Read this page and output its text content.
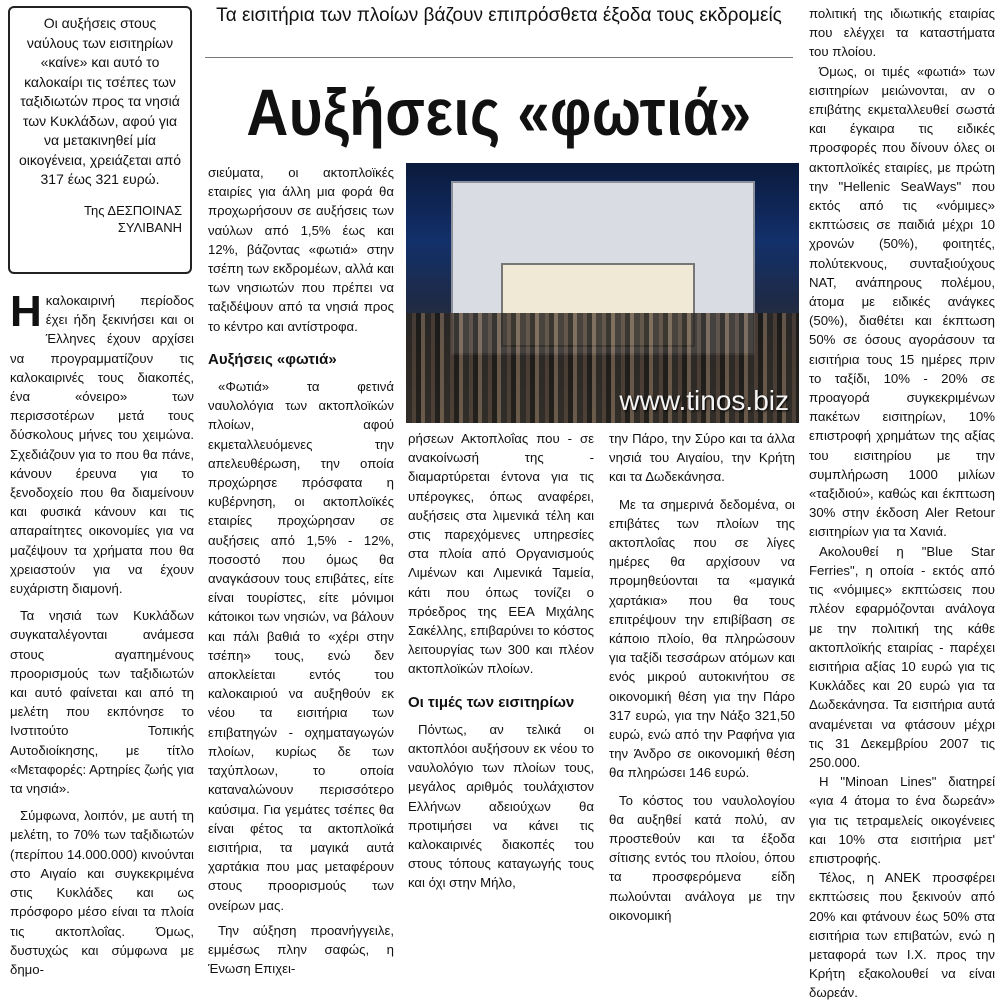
Οι αυξήσεις στους ναύλους των εισιτηρίων «καίνε» και αυτό το καλοκαίρι τις τσέπες των ταξιδιωτών προς τα νησιά των Κυκλάδων, αφού για να μετακινηθεί μία οικογένεια, χρειάζεται από 317 έως 321 ευρώ.
Της ΔΕΣΠΟΙΝΑΣ ΣΥΛΙΒΑΝΗ
Τα εισιτήρια των πλοίων βάζουν επιπρόσθετα έξοδα τους εκδρομείς
Αυξήσεις «φωτιά»
www.tinos.biz

Ηκαλοκαιρινή περίοδος έχει ήδη ξεκινήσει και οι Έλληνες έχουν αρχίσει να προγραμματίζουν τις καλοκαιρινές τους διακοπές, ένα «όνειρο» των περισσοτέρων μετά τους δύσκολους μήνες του χειμώνα. Σχεδιάζουν για το που θα πάνε, κάνουν έρευνα για το ξενοδοχείο που θα διαμείνουν και φυσικά κάνουν και τις απαραίτητες οικονομίες για να μαζέψουν τα χρήματα που θα χρειαστούν για να έχουν ευχάριστη διαμονή.

Τα νησιά των Κυκλάδων συγκαταλέγονται ανάμεσα στους αγαπημένους προορισμούς των ταξιδιωτών και αυτό φαίνεται και από τη μελέτη που εκπόνησε το Ινστιτούτο Τοπικής Αυτοδιοίκησης, με τίτλο «Μεταφορές: Αρτηρίες ζωής για τα νησιά».

Σύμφωνα, λοιπόν, με αυτή τη μελέτη, το 70% των ταξιδιωτών (περίπου 14.000.000) κινούνται στο Αιγαίο και συγκεκριμένα στις Κυκλάδες και ως πρόσφορο μέσο είναι τα πλοία τις ακτοπλοΐας. Όμως, δυστυχώς και σύμφωνα με δημο-

σιεύματα, οι ακτοπλοϊκές εταιρίες για άλλη μια φορά θα προχωρήσουν σε αυξήσεις των ναύλων από 1,5% έως και 12%, βάζοντας «φωτιά» στην τσέπη των εκδρομέων, αλλά και των νησιωτών που πρέπει να ταξιδέψουν από τα νησιά προς το κέντρο και αντίστροφα.

Αυξήσεις «φωτιά»

«Φωτιά» τα φετινά ναυλολόγια των ακτοπλοϊκών πλοίων, αφού εκμεταλλευόμενες την απελευθέρωση, την οποία προχώρησε πρόσφατα η κυβέρνηση, οι ακτοπλοϊκές εταιρίες προχώρησαν σε αυξήσεις από 1,5% - 12%, ποσοστό που όμως θα αναγκάσουν τους επιβάτες, είτε είναι τουρίστες, είτε μόνιμοι κάτοικοι των νησιών, να βάλουν και πάλι βαθιά το «χέρι στην τσέπη» τους, ενώ δεν αποκλείεται εντός του καλοκαιριού να αυξηθούν εκ νέου τα εισιτήρια των επιβατηγών - οχηματαγωγών πλοίων, κυρίως δε των ταχύπλοων, το οποία καταναλώνουν περισσότερο καύσιμα. Για γεμάτες τσέπες θα είναι φέτος τα ακτοπλοϊκά εισιτήρια, τα μαγικά αυτά χαρτάκια που μας μεταφέρουν στους προορισμούς των ονείρων μας.

Την αύξηση προανήγγειλε, εμμέσως πλην σαφώς, η Ένωση Επιχει-

ρήσεων Ακτοπλοΐας που - σε ανακοίνωσή της - διαμαρτύρεται έντονα για τις υπέρογκες, όπως αναφέρει, αυξήσεις στα λιμενικά τέλη και στις παρεχόμενες υπηρεσίες στα πλοία από Οργανισμούς Λιμένων και Λιμενικά Ταμεία, κάτι που όπως τονίζει ο πρόεδρος της ΕΕΑ Μιχάλης Σακέλλης, επιβαρύνει το κόστος λειτουργίας των 300 και πλέον ακτοπλοϊκών πλοίων.

Οι τιμές των εισιτηρίων

Πόντως, αν τελικά οι ακτοπλόοι αυξήσουν εκ νέου το ναυλολόγιο των πλοίων τους, μεγάλος αριθμός τουλάχιστον Ελλήνων αδειούχων θα προτιμήσει να κάνει τις καλοκαιρινές διακοπές του στους τόπους καταγωγής τους και όχι στην Μήλο,

την Πάρο, την Σύρο και τα άλλα νησιά του Αιγαίου, την Κρήτη και τα Δωδεκάνησα.

Με τα σημερινά δεδομένα, οι επιβάτες των πλοίων της ακτοπλοΐας που σε λίγες ημέρες θα αρχίσουν να προμηθεύονται τα «μαγικά χαρτάκια» που θα τους επιτρέψουν την επιβίβαση σε κάποιο πλοίο, θα πληρώσουν για ταξίδι τεσσάρων ατόμων και ενός μικρού αυτοκινήτου σε οικονομική θέση για την Πάρο 317 ευρώ, για την Νάξο 321,50 ευρώ, ενώ από την Ραφήνα για την Άνδρο σε οικονομική θέση θα πληρώσει 146 ευρώ.

Το κόστος του ναυλολογίου θα αυξηθεί κατά πολύ, αν προστεθούν και τα έξοδα σίτισης εντός του πλοίου, όπου τα προσφερόμενα είδη πωλούνται ανάλογα με την οικονομική

πολιτική της ιδιωτικής εταιρίας που ελέγχει τα καταστήματα του πλοίου.

Όμως, οι τιμές «φωτιά» των εισιτηρίων μειώνονται, αν ο επιβάτης εκμεταλλευθεί σωστά και έγκαιρα τις ειδικές προσφορές που δίνουν όλες οι ακτοπλοϊκές εταιρίες, με πρώτη την "Hellenic SeaWays" που εκτός από τις «νόμιμες» εκπτώσεις σε παιδιά μέχρι 10 χρονών (50%), φοιτητές, πολύτεκνους, συνταξιούχους ΝΑΤ, ανάπηρους πολέμου, άτομα με ειδικές ανάγκες (50%), διαθέτει και έκπτωση 50% σε όσους αγοράσουν τα εισιτήρια τους 15 ημέρες πριν το ταξίδι, 10% - 20% σε προαγορά συγκεκριμένων πακέτων εισιτηρίων, 10% επιστροφή χρημάτων της αξίας του εισιτηρίου με την συμπλήρωση 1000 μιλίων «ταξιδιού», καθώς και έκπτωση 30% στην έκδοση Aler Retour εισιτηρίων για τα Χανιά.

Ακολουθεί η "Blue Star Ferries", η οποία - εκτός από τις «νόμιμες» εκπτώσεις που πλέον εφαρμόζονται ανάλογα με την πολιτική της κάθε ακτοπλοϊκής εταιρίας - παρέχει εισιτήρια αξίας 10 ευρώ για τις Κυκλάδες και 20 ευρώ για τα Δωδεκάνησα. Τα εισιτήρια αυτά αναμένεται να φτάσουν μέχρι τις 31 Δεκεμβρίου 2007 τις 250.000.

Η "Minoan Lines" διατηρεί «για 4 άτομα το ένα δωρεάν» για τις τετραμελείς οικογένειες και 10% στα εισιτήρια μετ' επιστροφής.

Τέλος, η ΑΝΕΚ προσφέρει εκπτώσεις που ξεκινούν από 20% και φτάνουν έως 50% στα εισιτήρια των επιβατών, ενώ η μεταφορά των Ι.Χ. προς την Κρήτη εξακολουθεί να είναι δωρεάν.
